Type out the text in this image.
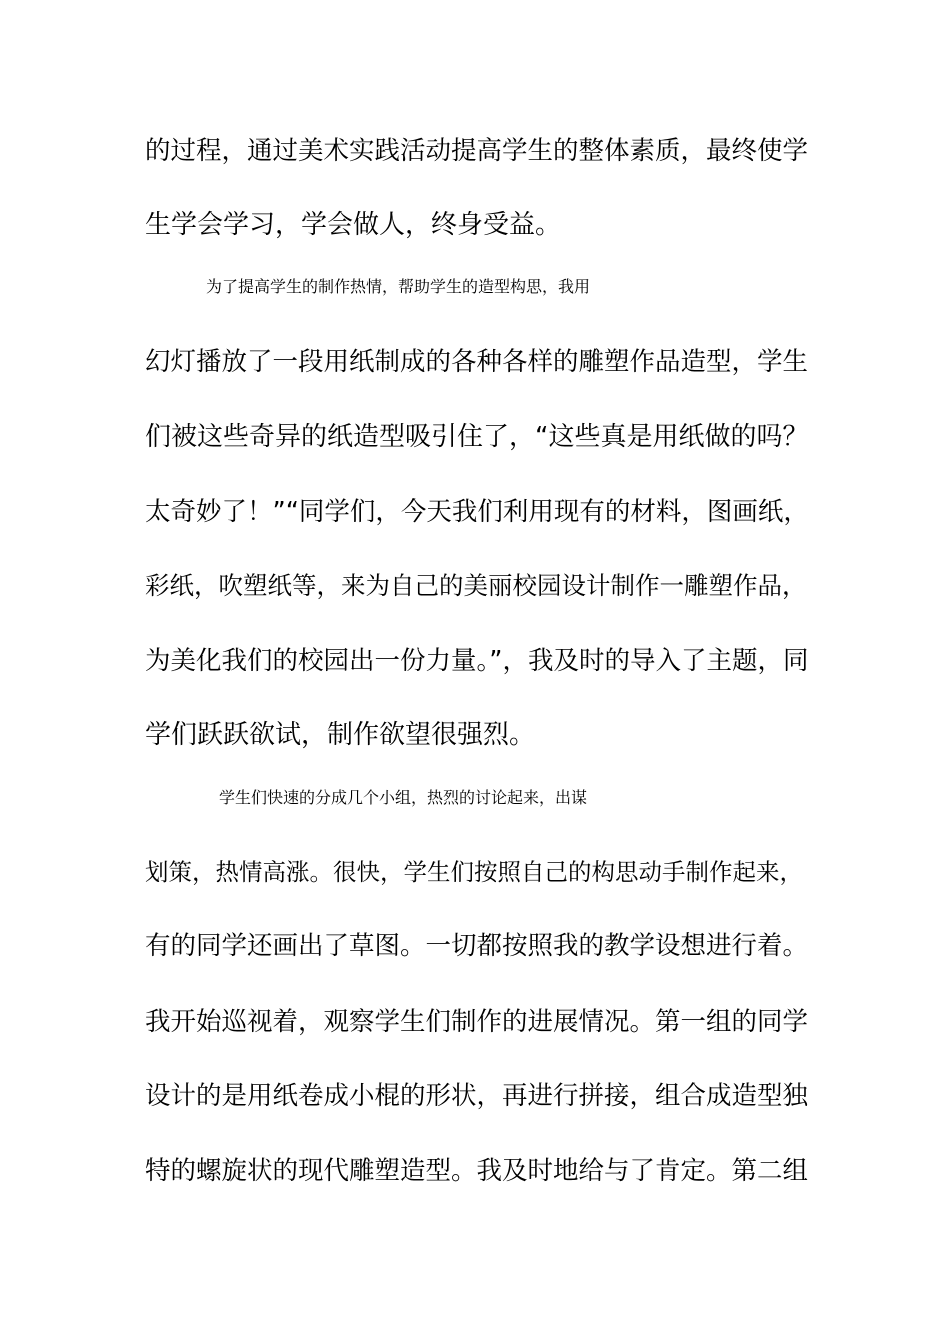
的过程，通过美术实践活动提高学生的整体素质，最终使学
生学会学习，学会做人，终身受益。
为了提高学生的制作热情，帮助学生的造型构思，我用
幻灯播放了一段用纸制成的各种各样的雕塑作品造型，学生
们被这些奇异的纸造型吸引住了，“这些真是用纸做的吗？
太奇妙了！”“同学们，今天我们利用现有的材料，图画纸，
彩纸，吹塑纸等，来为自己的美丽校园设计制作一雕塑作品，
为美化我们的校园出一份力量。”，我及时的导入了主题，同
学们跃跃欲试，制作欲望很强烈。
学生们快速的分成几个小组，热烈的讨论起来，出谋
划策，热情高涨。很快，学生们按照自己的构思动手制作起来，
有的同学还画出了草图。一切都按照我的教学设想进行着。
我开始巡视着，观察学生们制作的进展情况。第一组的同学
设计的是用纸卷成小棍的形状，再进行拼接，组合成造型独
特的螺旋状的现代雕塑造型。我及时地给与了肯定。第二组
